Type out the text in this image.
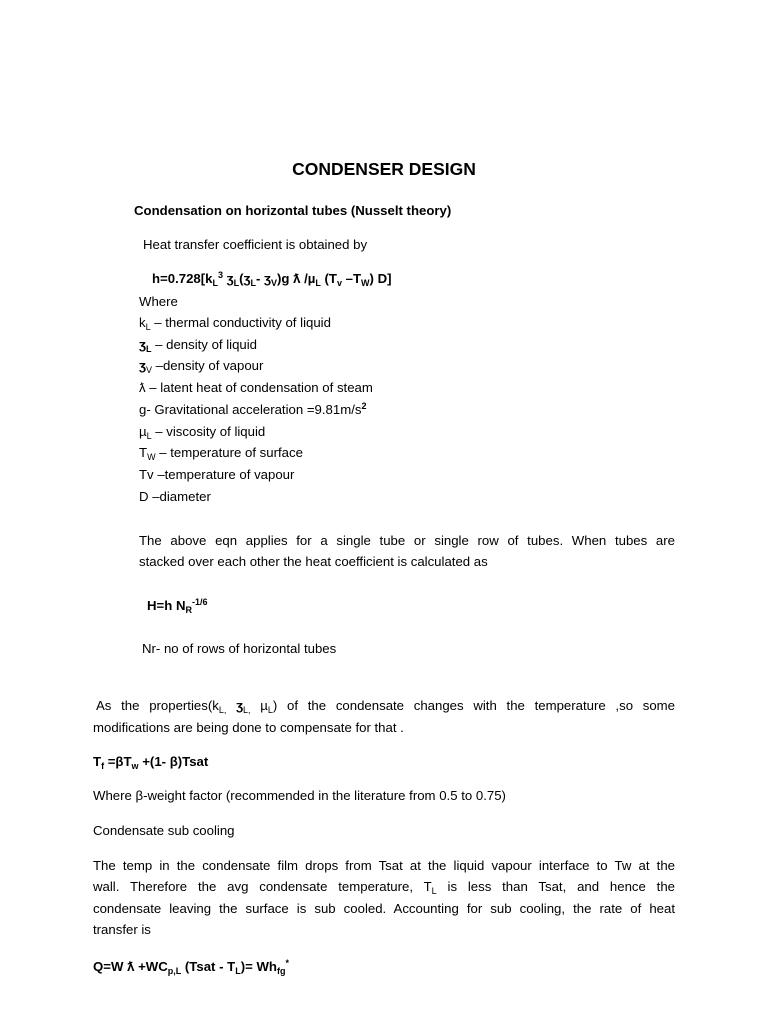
CONDENSER DESIGN
Condensation on horizontal tubes (Nusselt theory)
Heat transfer coefficient is obtained by
$h=0.728[k_L^3$ ʒ$_L$(ʒ$_L$- ʒ$_V$)g ƛ /µ$_L$ ($T_v$ $-T_W$) D]
Where
$k_L$ – thermal conductivity of liquid
ʒ$_L$ – density of liquid
ʒ$_V$ –density of vapour
ƛ – latent heat of condensation of steam
g- Gravitational acceleration $=9.81m/s^2$
µ$_L$ – viscosity of liquid
$T_W$ – temperature of surface
Tv –temperature of vapour
D –diameter
The above eqn applies for a single tube or single row of tubes. When tubes are
stacked over each other the heat coefficient is calculated as
H=h $N_R^{-1/6}$
Nr- no of rows of horizontal tubes
As the $properties(k_{L,}$ ʒ$_{L,}$ µ$_L$) of the condensate changes with the temperature ,so some
modifications are being done to compensate for that .
$T_f =\beta T_w +(1-$ β)Tsat
Where β-weight factor (recommended in the literature from 0.5 to 0.75)
Condensate sub cooling
The temp in the condensate film drops from Tsat at the liquid vapour interface to Tw at the
wall. Therefore the avg condensate temperature, $T_L$ is less than Tsat, and hence the
condensate leaving the surface is sub cooled. Accounting for sub cooling, the rate of heat
transfer is
Q=W ƛ $+WC_{p,L}$ (Tsat - $T_L)= Wh_{fg}^*$
